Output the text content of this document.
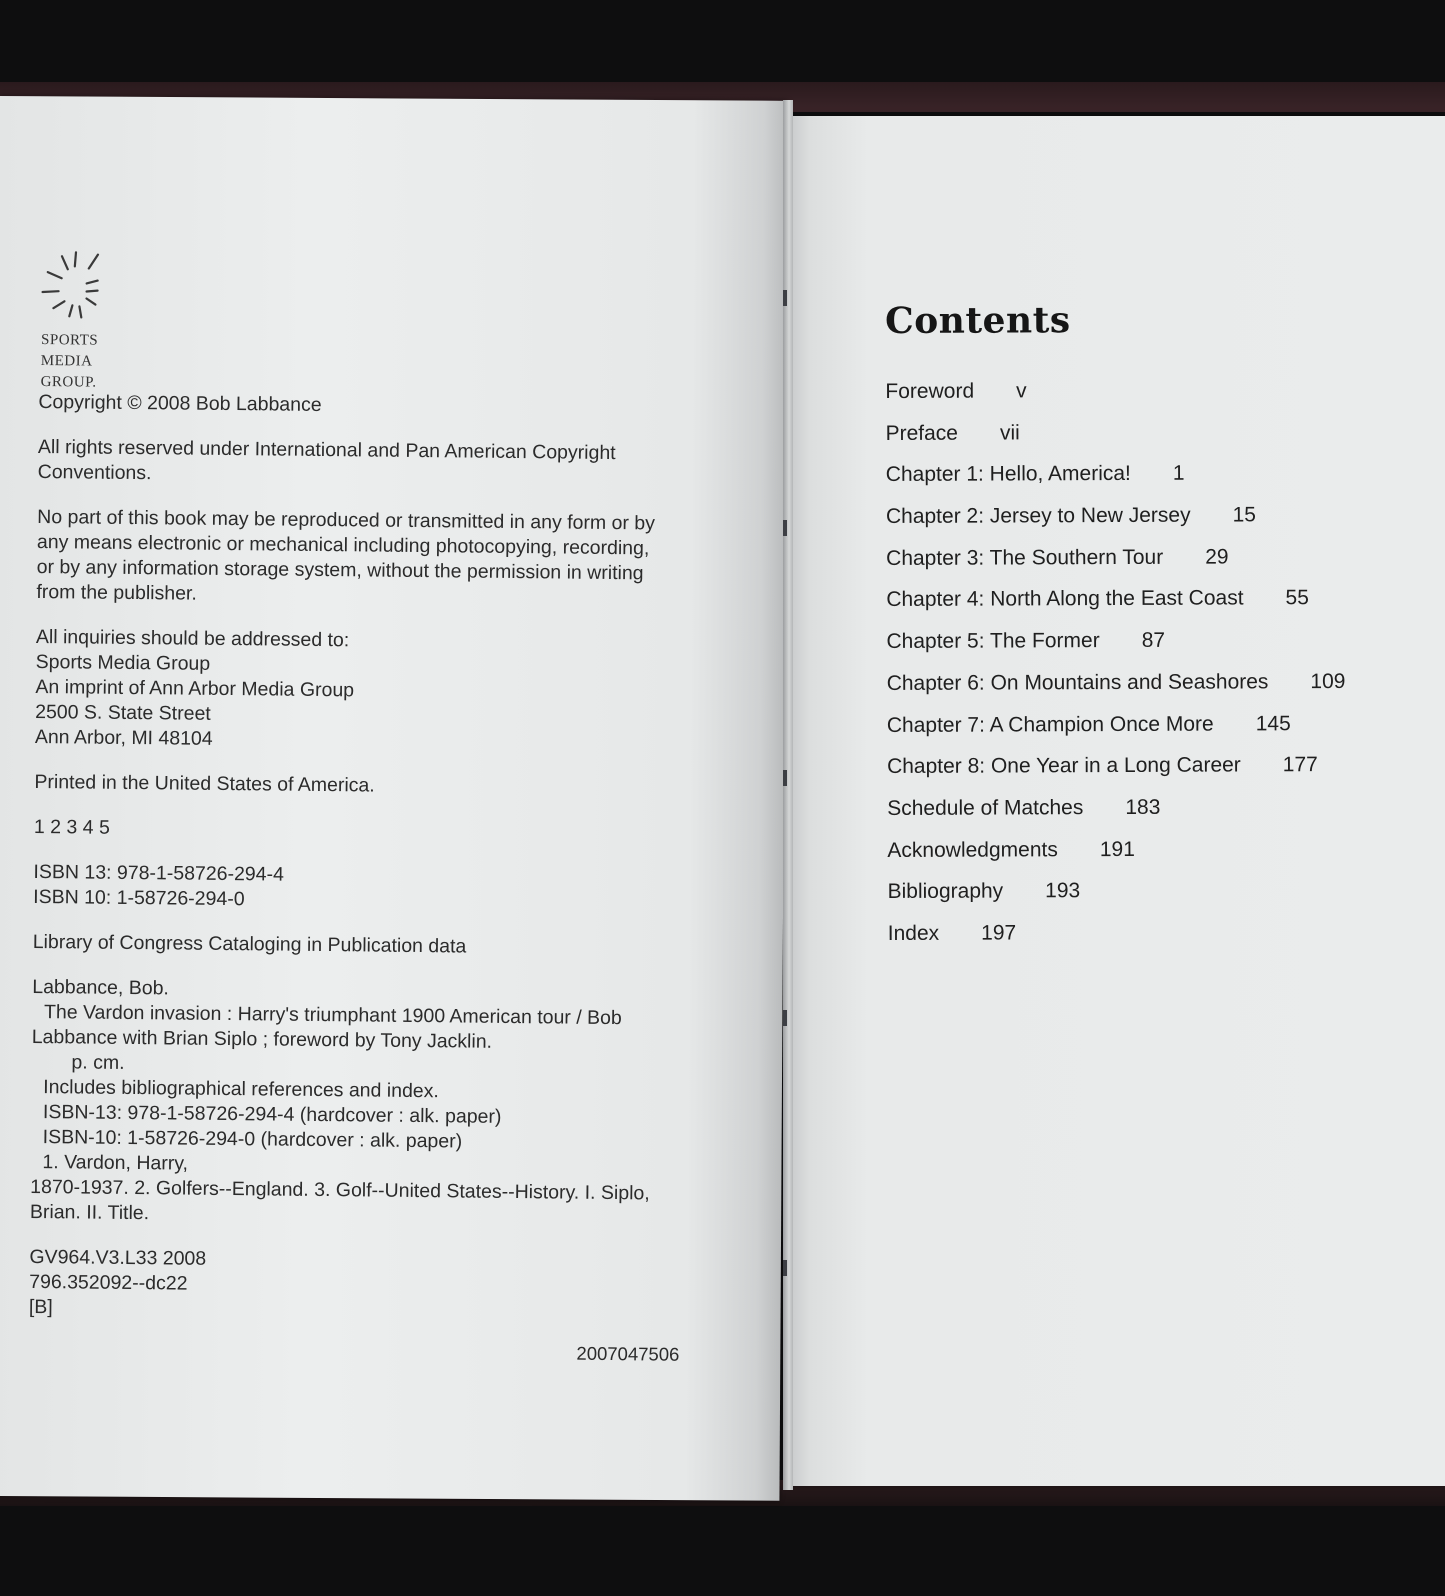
SPORTS
MEDIA
GROUP.

Copyright © 2008 Bob Labbance

All rights reserved under International and Pan American Copyright
Conventions.
No part of this book may be reproduced or transmitted in any form or by
any means electronic or mechanical including photocopying, recording,
or by any information storage system, without the permission in writing
from the publisher.
All inquiries should be addressed to:
Sports Media Group
An imprint of Ann Arbor Media Group
2500 S. State Street
Ann Arbor, MI 48104

Printed in the United States of America.

1 2 3 4 5

ISBN 13: 978-1-58726-294-4
ISBN 10: 1-58726-294-0

Library of Congress Cataloging in Publication data

Labbance, Bob.
The Vardon invasion : Harry's triumphant 1900 American tour / Bob
Labbance with Brian Siplo ; foreword by Tony Jacklin.
p. cm.
Includes bibliographical references and index.
ISBN-13: 978-1-58726-294-4 (hardcover : alk. paper)
ISBN-10: 1-58726-294-0 (hardcover : alk. paper)
1. Vardon, Harry,
1870-1937. 2. Golfers--England. 3. Golf--United States--History. I. Siplo,
Brian. II. Title.
GV964.V3.L33 2008
796.352092--dc22
[B]
2007047506
Contents
Foreword v
Preface vii
Chapter 1: Hello, America! 1
Chapter 2: Jersey to New Jersey 15
Chapter 3: The Southern Tour 29
Chapter 4: North Along the East Coast 55
Chapter 5: The Former 87
Chapter 6: On Mountains and Seashores 109
Chapter 7: A Champion Once More 145
Chapter 8: One Year in a Long Career 177
Schedule of Matches 183
Acknowledgments 191
Bibliography 193
Index 197
